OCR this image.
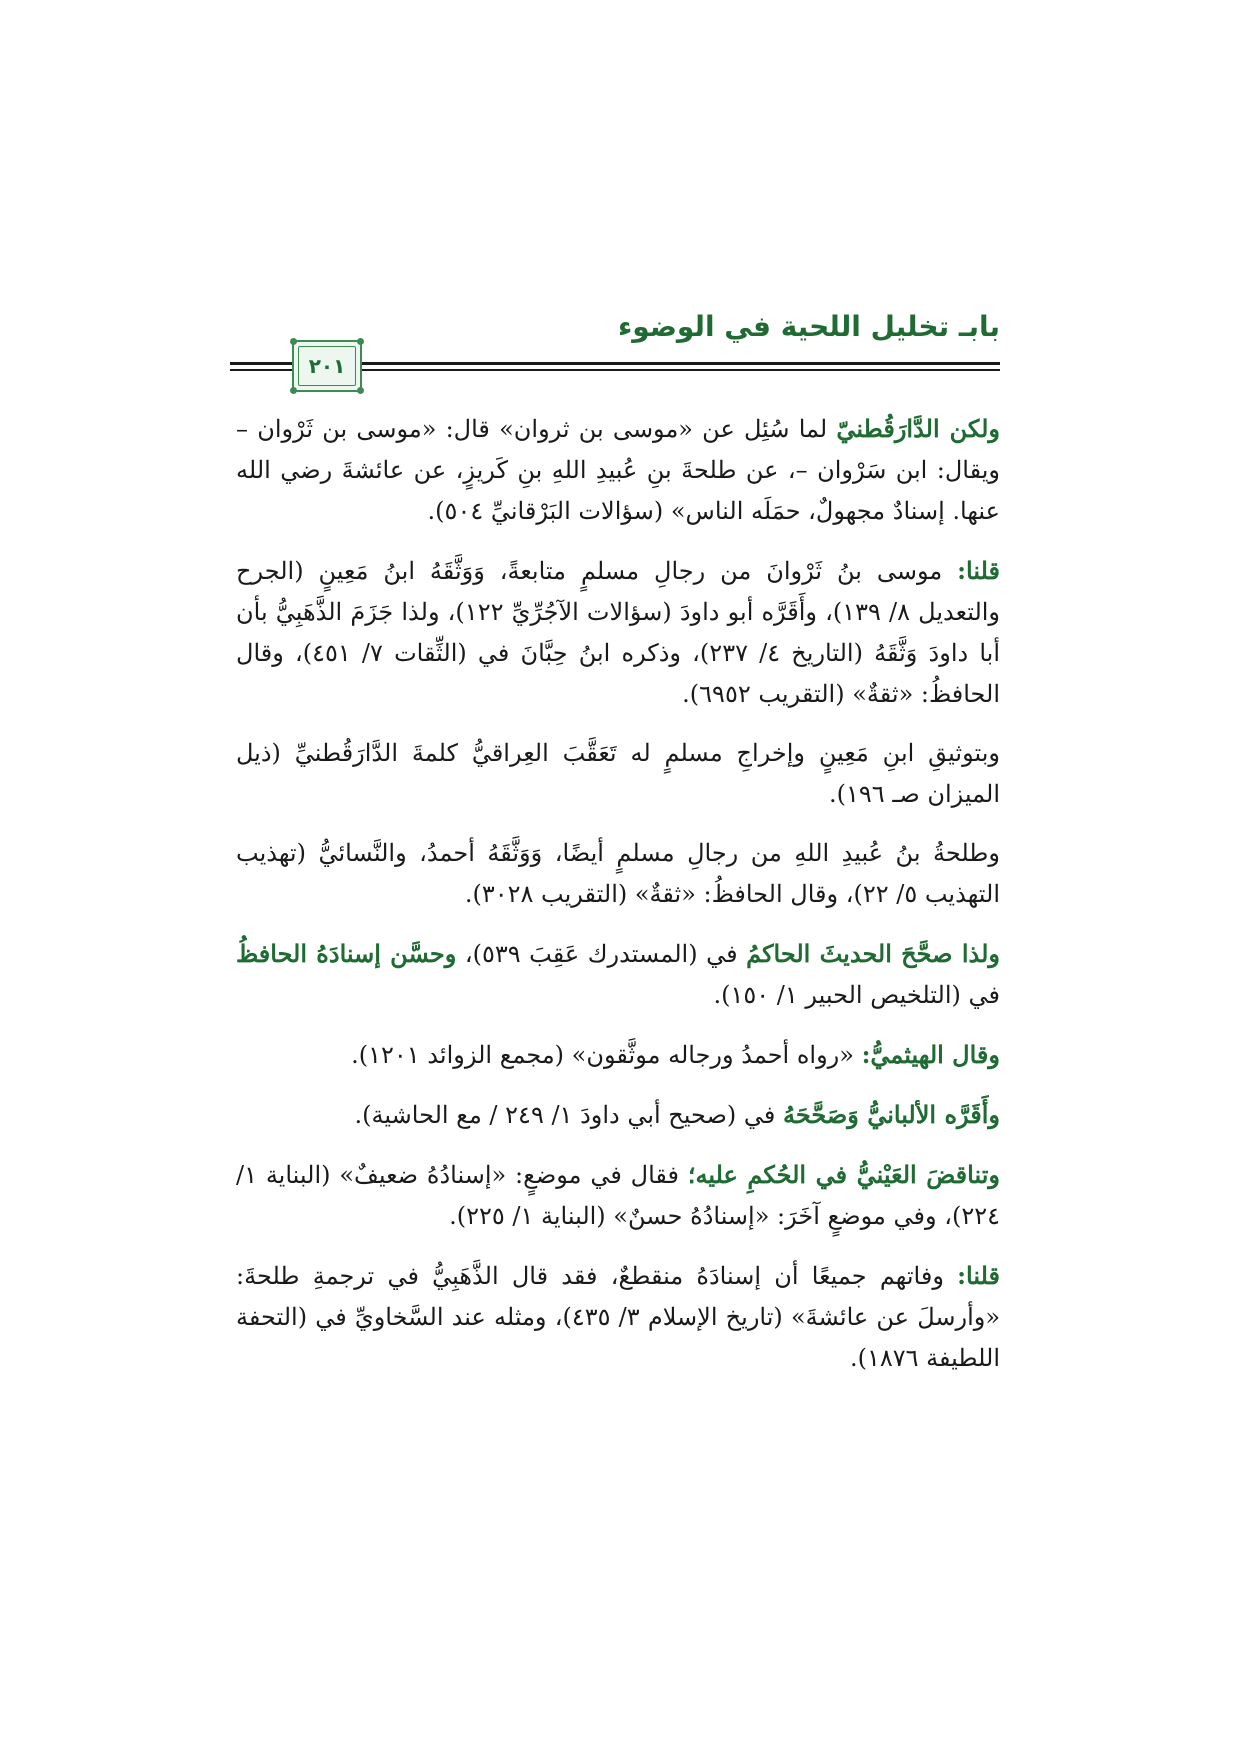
بابـ تخليل اللحية في الوضوء
٢٠١

ولكن الدَّارَقُطنيّ لما سُئِل عن «موسى بن ثروان» قال: «موسى بن ثَرْوان – ويقال: ابن سَرْوان –، عن طلحةَ بنِ عُبيدِ اللهِ بنِ كَريزٍ، عن عائشةَ رضي الله عنها. إسنادٌ مجهولٌ، حمَلَه الناس» (سؤالات البَرْقانيِّ ٥٠٤).

قلنا: موسى بنُ ثَرْوانَ من رجالِ مسلمٍ متابعةً، وَوَثَّقَهُ ابنُ مَعِينٍ (الجرح والتعديل ٨/ ١٣٩)، وأَقَرَّه أبو داودَ (سؤالات الآجُرِّيِّ ١٢٢)، ولذا جَزَمَ الذَّهَبِيُّ بأن أبا داودَ وَثَّقَهُ (التاريخ ٤/ ٢٣٧)، وذكره ابنُ حِبَّانَ في (الثِّقات ٧/ ٤٥١)، وقال الحافظُ: «ثقةٌ» (التقريب ٦٩٥٢).

وبتوثيقِ ابنِ مَعِينٍ وإخراجِ مسلمٍ له تَعَقَّبَ العِراقيُّ كلمةَ الدَّارَقُطنيِّ (ذيل الميزان صـ ١٩٦).

وطلحةُ بنُ عُبيدِ اللهِ من رجالِ مسلمٍ أيضًا، وَوَثَّقَهُ أحمدُ، والنَّسائيُّ (تهذيب التهذيب ٥/ ٢٢)، وقال الحافظُ: «ثقةٌ» (التقريب ٣٠٢٨).

ولذا صحَّحَ الحديثَ الحاكمُ في (المستدرك عَقِبَ ٥٣٩)، وحسَّن إسنادَهُ الحافظُ في (التلخيص الحبير ١/ ١٥٠).

وقال الهيثميُّ: «رواه أحمدُ ورجاله موثَّقون» (مجمع الزوائد ١٢٠١).

وأَقَرَّه الألبانيُّ وَصَحَّحَهُ في (صحيح أبي داودَ ١/ ٢٤٩ / مع الحاشية).

وتناقضَ العَيْنيُّ في الحُكمِ عليه؛ فقال في موضعٍ: «إسنادُهُ ضعيفٌ» (البناية ١/ ٢٢٤)، وفي موضعٍ آخَرَ: «إسنادُهُ حسنٌ» (البناية ١/ ٢٢٥).

قلنا: وفاتهم جميعًا أن إسنادَهُ منقطعٌ، فقد قال الذَّهَبِيُّ في ترجمةِ طلحةَ: «وأرسلَ عن عائشةَ» (تاريخ الإسلام ٣/ ٤٣٥)، ومثله عند السَّخاويِّ في (التحفة اللطيفة ١٨٧٦).
